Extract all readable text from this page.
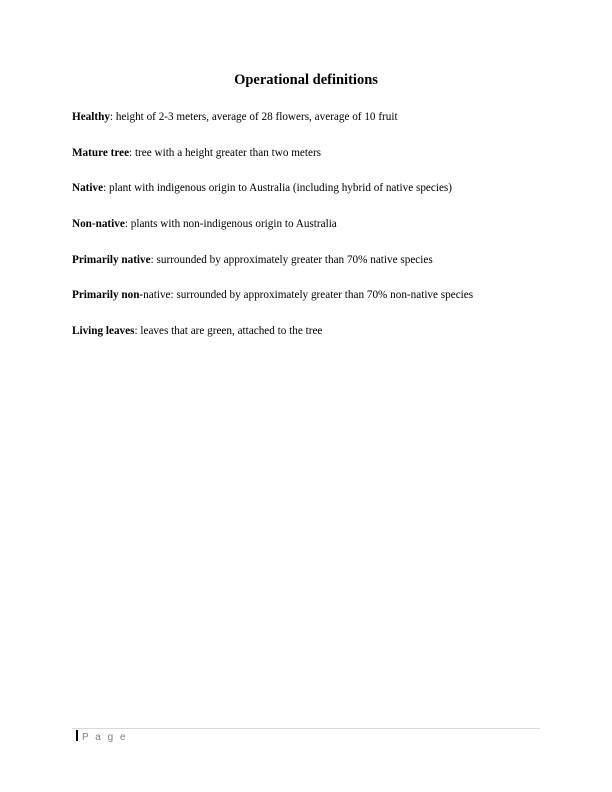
Operational definitions

Healthy: height of 2-3 meters, average of 28 flowers, average of 10 fruit

Mature tree: tree with a height greater than two meters

Native: plant with indigenous origin to Australia (including hybrid of native species)

Non-native: plants with non-indigenous origin to Australia

Primarily native: surrounded by approximately greater than 70% native species

Primarily non-native: surrounded by approximately greater than 70% non-native species

Living leaves: leaves that are green, attached to the tree

P a g e
